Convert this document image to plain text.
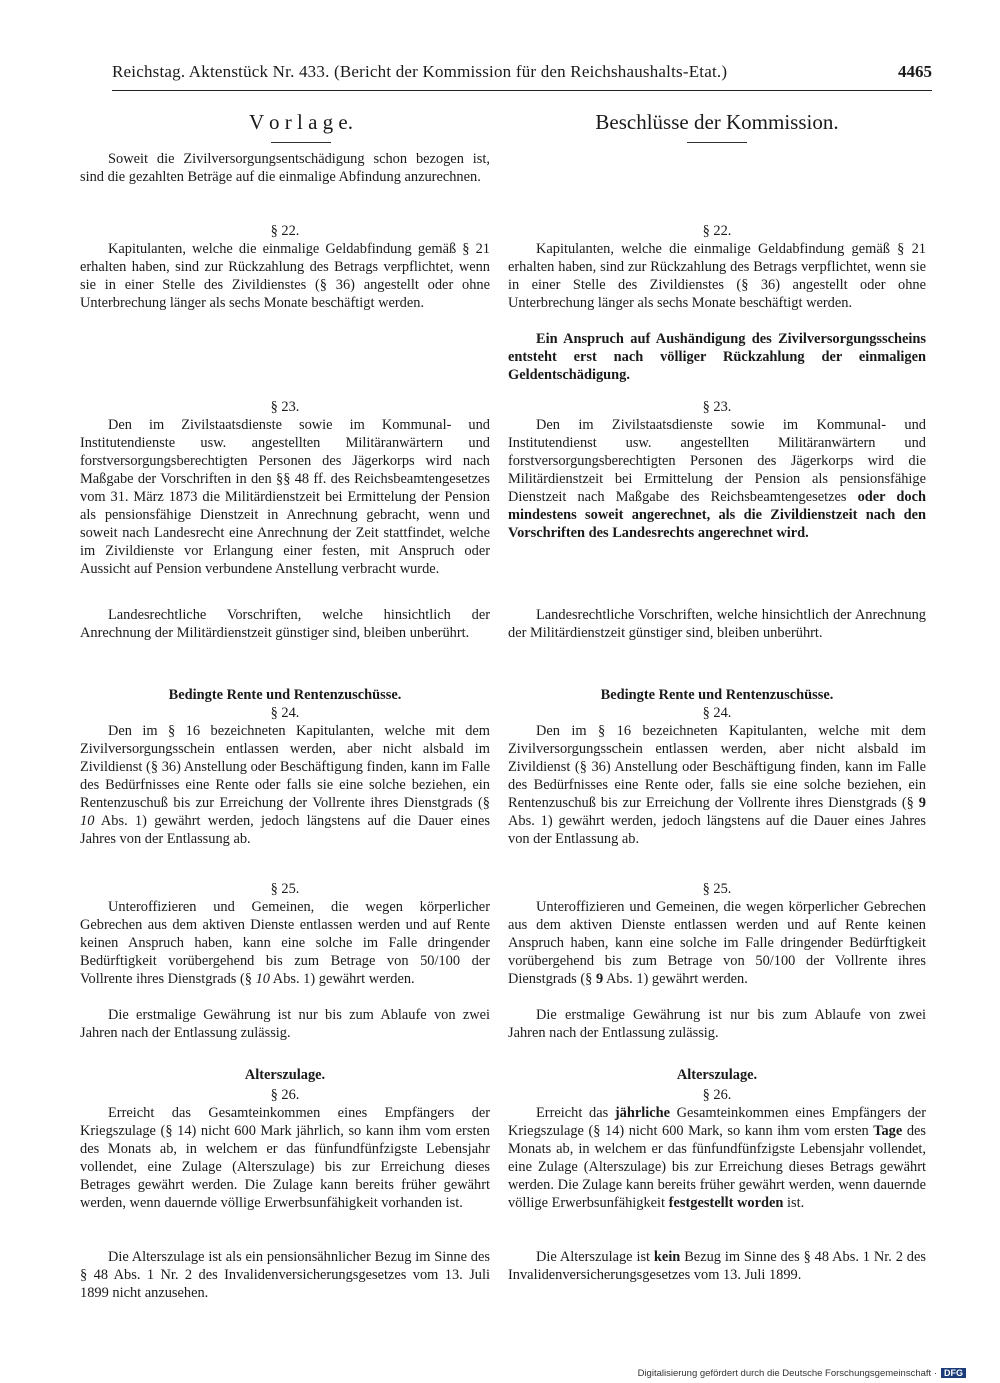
Reichstag. Aktenstück Nr. 433. (Bericht der Kommission für den Reichshaushalts-Etat.)	4465
V o r l a g e.

Soweit die Zivilversorgungsentschädigung schon bezogen ist, sind die gezahlten Beträge auf die einmalige Abfindung anzurechnen.

§ 22.

Kapitulanten, welche die einmalige Geldabfindung gemäß § 21 erhalten haben, sind zur Rückzahlung des Betrags verpflichtet, wenn sie in einer Stelle des Zivildienstes (§ 36) angestellt oder ohne Unterbrechung länger als sechs Monate beschäftigt werden.

§ 23.

Den im Zivilstaatsdienste sowie im Kommunal- und Institutendienste usw. angestellten Militäranwärtern und forstversorgungsberechtigten Personen des Jägerkorps wird nach Maßgabe der Vorschriften in den §§ 48 ff. des Reichsbeamtengesetzes vom 31. März 1873 die Militärdienstzeit bei Ermittelung der Pension als pensionsfähige Dienstzeit in Anrechnung gebracht, wenn und soweit nach Landesrecht eine Anrechnung der Zeit stattfindet, welche im Zivildienste vor Erlangung einer festen, mit Anspruch oder Aussicht auf Pension verbundene Anstellung verbracht wurde.

Landesrechtliche Vorschriften, welche hinsichtlich der Anrechnung der Militärdienstzeit günstiger sind, bleiben unberührt.

Bedingte Rente und Rentenzuschüsse.
§ 24.

Den im § 16 bezeichneten Kapitulanten, welche mit dem Zivilversorgungsschein entlassen werden, aber nicht alsbald im Zivildienst (§ 36) Anstellung oder Beschäftigung finden, kann im Falle des Bedürfnisses eine Rente oder falls sie eine solche beziehen, ein Rentenzuschuß bis zur Erreichung der Vollrente ihres Dienstgrads (§ 10 Abs. 1) gewährt werden, jedoch längstens auf die Dauer eines Jahres von der Entlassung ab.

§ 25.

Unteroffizieren und Gemeinen, die wegen körperlicher Gebrechen aus dem aktiven Dienste entlassen werden und auf Rente keinen Anspruch haben, kann eine solche im Falle dringender Bedürftigkeit vorübergehend bis zum Betrage von 50/100 der Vollrente ihres Dienstgrads (§ 10 Abs. 1) gewährt werden.

Die erstmalige Gewährung ist nur bis zum Ablaufe von zwei Jahren nach der Entlassung zulässig.

Alterszulage.
§ 26.

Erreicht das Gesamteinkommen eines Empfängers der Kriegszulage (§ 14) nicht 600 Mark jährlich, so kann ihm vom ersten des Monats ab, in welchem er das fünfundfünfzigste Lebensjahr vollendet, eine Zulage (Alterszulage) bis zur Erreichung dieses Betrages gewährt werden. Die Zulage kann bereits früher gewährt werden, wenn dauernde völlige Erwerbsunfähigkeit vorhanden ist.

Die Alterszulage ist als ein pensionsähnlicher Bezug im Sinne des § 48 Abs. 1 Nr. 2 des Invalidenversicherungsgesetzes vom 13. Juli 1899 nicht anzusehen.

Beschlüsse der Kommission.
§ 22.

Kapitulanten, welche die einmalige Geldabfindung gemäß § 21 erhalten haben, sind zur Rückzahlung des Betrags verpflichtet, wenn sie in einer Stelle des Zivildienstes (§ 36) angestellt oder ohne Unterbrechung länger als sechs Monate beschäftigt werden.

Ein Anspruch auf Aushändigung des Zivilversorgungsscheins entsteht erst nach völliger Rückzahlung der einmaligen Geldentschädigung.

§ 23.

Den im Zivilstaatsdienste sowie im Kommunal- und Institutendienst usw. angestellten Militäranwärtern und forstversorgungsberechtigten Personen des Jägerkorps wird die Militärdienstzeit bei Ermittelung der Pension als pensionsfähige Dienstzeit nach Maßgabe des Reichsbeamtengesetzes oder doch mindestens soweit angerechnet, als die Zivildienstzeit nach den Vorschriften des Landesrechts angerechnet wird.

Landesrechtliche Vorschriften, welche hinsichtlich der Anrechnung der Militärdienstzeit günstiger sind, bleiben unberührt.

Bedingte Rente und Rentenzuschüsse.
§ 24.

Den im § 16 bezeichneten Kapitulanten, welche mit dem Zivilversorgungsschein entlassen werden, aber nicht alsbald im Zivildienst (§ 36) Anstellung oder Beschäftigung finden, kann im Falle des Bedürfnisses eine Rente oder, falls sie eine solche beziehen, ein Rentenzuschuß bis zur Erreichung der Vollrente ihres Dienstgrads (§ 9 Abs. 1) gewährt werden, jedoch längstens auf die Dauer eines Jahres von der Entlassung ab.

§ 25.

Unteroffizieren und Gemeinen, die wegen körperlicher Gebrechen aus dem aktiven Dienste entlassen werden und auf Rente keinen Anspruch haben, kann eine solche im Falle dringender Bedürftigkeit vorübergehend bis zum Betrage von 50/100 der Vollrente ihres Dienstgrads (§ 9 Abs. 1) gewährt werden.

Die erstmalige Gewährung ist nur bis zum Ablaufe von zwei Jahren nach der Entlassung zulässig.

Alterszulage.
§ 26.

Erreicht das jährliche Gesamteinkommen eines Empfängers der Kriegszulage (§ 14) nicht 600 Mark, so kann ihm vom ersten Tage des Monats ab, in welchem er das fünfundfünfzigste Lebensjahr vollendet, eine Zulage (Alterszulage) bis zur Erreichung dieses Betrags gewährt werden. Die Zulage kann bereits früher gewährt werden, wenn dauernde völlige Erwerbsunfähigkeit festgestellt worden ist.

Die Alterszulage ist kein Bezug im Sinne des § 48 Abs. 1 Nr. 2 des Invalidenversicherungsgesetzes vom 13. Juli 1899.

Digitalisierung gefördert durch die Deutsche Forschungsgemeinschaft · DFG
